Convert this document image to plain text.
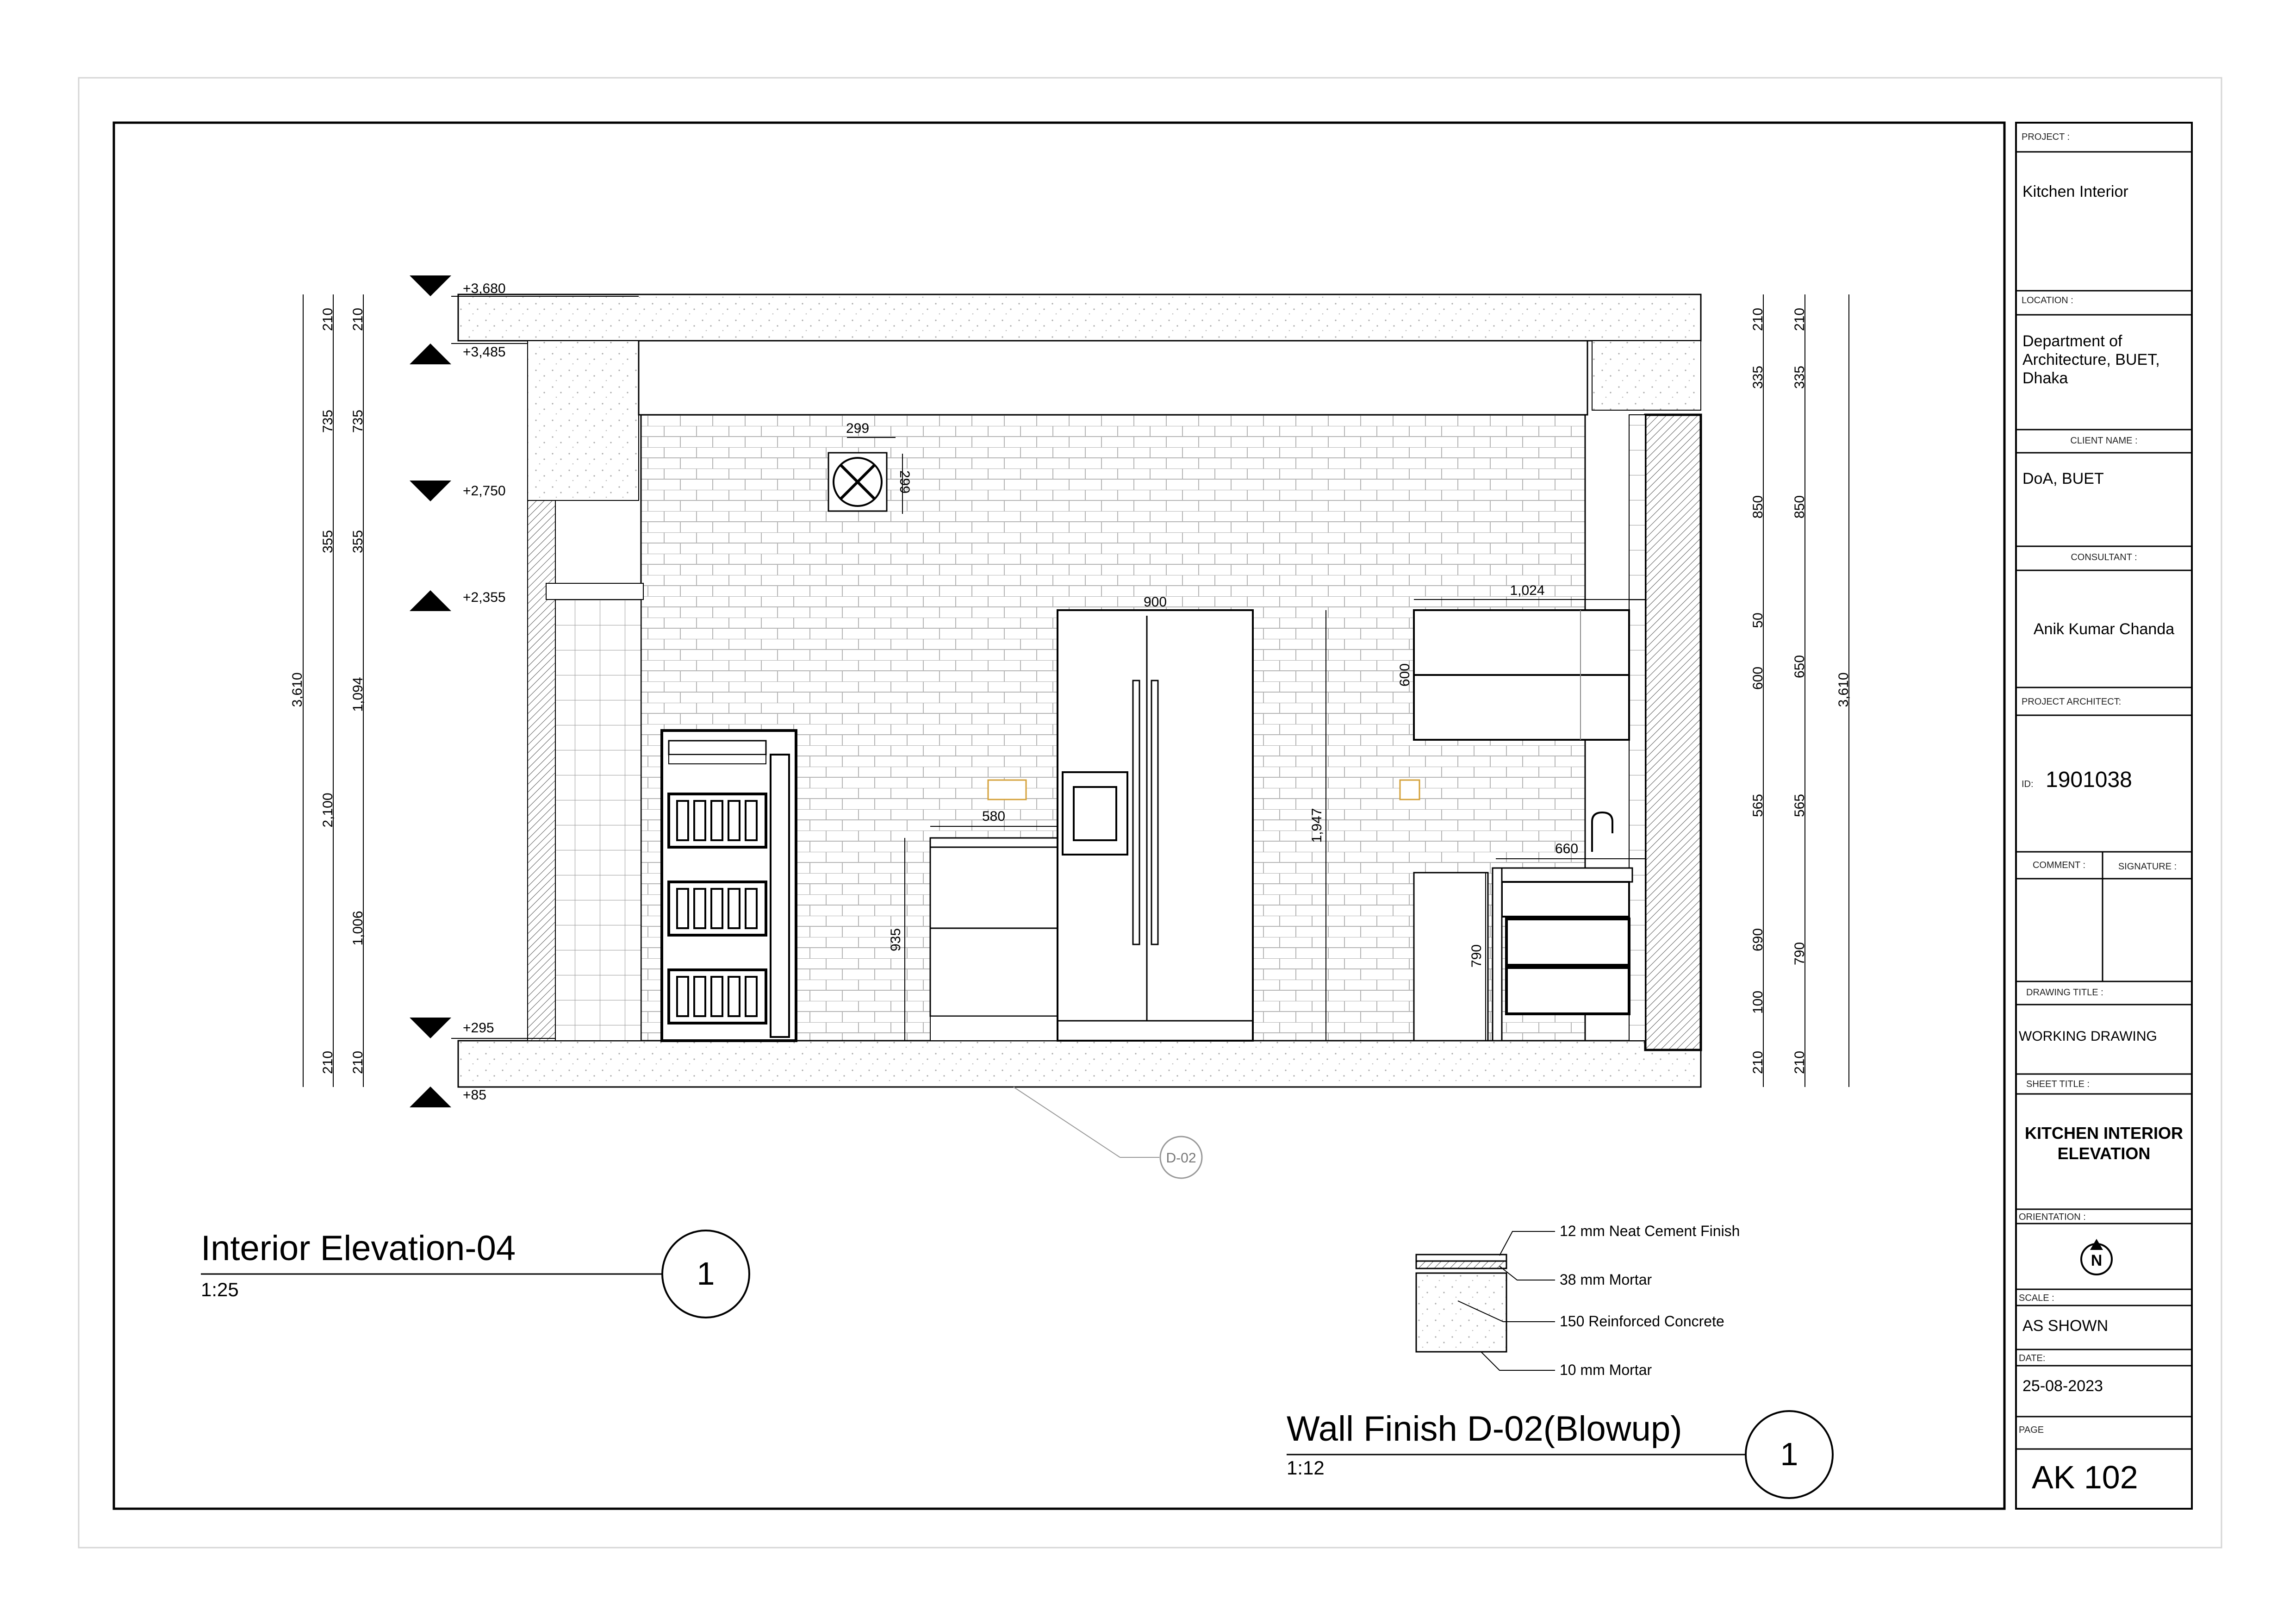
+3,680
+3,485
+2,750
+2,355
+295
+85
210
735
355
2,100
210
3,610
210
735
355
1,094
1,006
210
210
335
850
50
600
565
690
100
210
210
335
850
650
565
790
210
3,610
299
299
900
1,024
600
580	1,947
660
935
790
D-02
Interior Elevation-04
1:25	1
12 mm Neat Cement Finish
38 mm Mortar
150 Reinforced Concrete
10 mm Mortar
Wall Finish D-02(Blowup)
1:12	1
PROJECT :
Kitchen Interior
LOCATION :
Department of
Architecture, BUET,
Dhaka
CLIENT NAME :
DoA, BUET
CONSULTANT :
Anik Kumar Chanda
PROJECT ARCHITECT:
ID: 1901038
COMMENT :	SIGNATURE :
DRAWING TITLE :
WORKING DRAWING
SHEET TITLE :
KITCHEN INTERIOR
ELEVATION
ORIENTATION :
N
SCALE :
AS SHOWN
DATE:
25-08-2023
PAGE
AK 102
